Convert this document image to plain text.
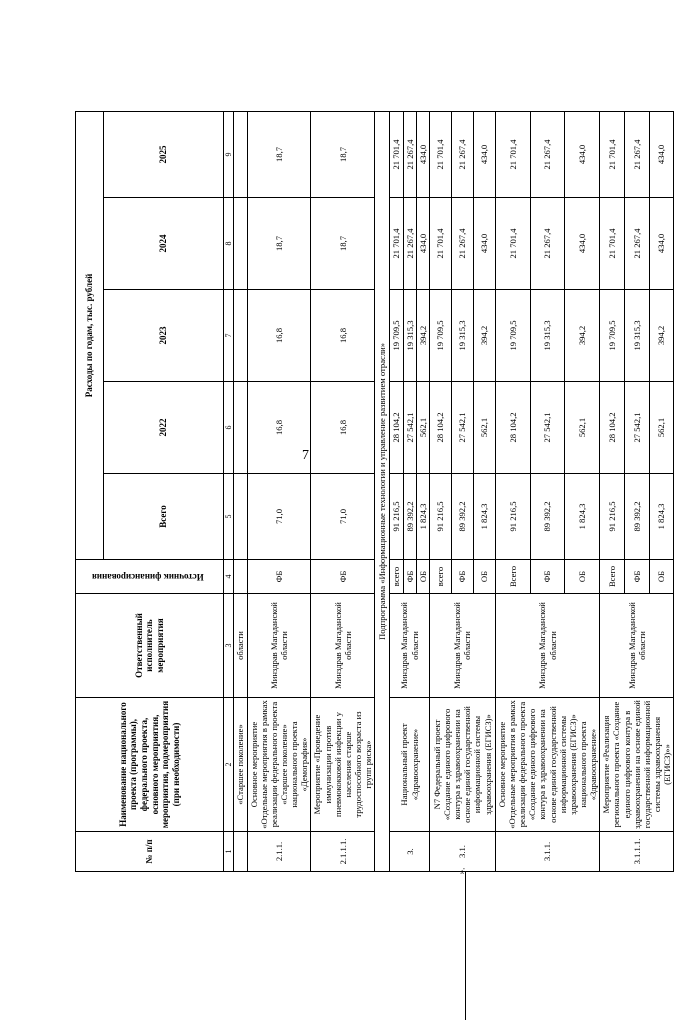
7
№ п/п	Наименование национального проекта (программы), федерального проекта, основного мероприятия, мероприятия, подмероприятия (при необходимости)	Ответственный исполнитель мероприятия	Источник финансирования	Расходы по годам, тыс. рублей				
				Всего	2022	2023	2024	2025
1	2	3	4	5	6	7	8	9
	«Старшее поколение»	области						
2.1.1.	Основное мероприятие «Отдельные мероприятия в рамках реализации федерального проекта «Старшее поколение» национального проекта «Демография»	Минздрав Магаданской области	ФБ	71,0	16,8	16,8	18,7	18,7
2.1.1.1.	Мероприятие «Проведение иммунизации против пневмококковой инфекции у населения старше трудоспособного возраста из групп риска»	Минздрав Магаданской области	ФБ	71,0	16,8	16,8	18,7	18,7
Подпрограмма «Информационные технологии и управление развитием отрасли»								
3.	Национальный проект «Здравоохранение»	Минздрав Магаданской области	всего	91 216,5	28 104,2	19 709,5	21 701,4	21 701,4
			ФБ	89 392,2	27 542,1	19 315,3	21 267,4	21 267,4
			ОБ	1 824,3	562,1	394,2	434,0	434,0
3.1.	N7 Федеральный проект «Создание единого цифрового контура в здравоохранении на основе единой государственной информационной системы здравоохранения (ЕГИСЗ)»	Минздрав Магаданской области	всего	91 216,5	28 104,2	19 709,5	21 701,4	21 701,4
			ФБ	89 392,2	27 542,1	19 315,3	21 267,4	21 267,4
			ОБ	1 824,3	562,1	394,2	434,0	434,0
3.1.1.	Основное мероприятие «Отдельные мероприятия в рамках реализации федерального проекта «Создание единого цифрового контура в здравоохранении на основе единой государственной информационной системы здравоохранения (ЕГИСЗ)» национального проекта «Здравоохранение»	Минздрав Магаданской области	Всего	91 216,5	28 104,2	19 709,5	21 701,4	21 701,4
			ФБ	89 392,2	27 542,1	19 315,3	21 267,4	21 267,4
			ОБ	1 824,3	562,1	394,2	434,0	434,0
3.1.1.1.	Мероприятие «Реализация регионального проекта «Создание единого цифрового контура в здравоохранении на основе единой государственной информационной системы здравоохранения (ЕГИСЗ)»»	Минздрав Магаданской области	Всего	91 216,5	28 104,2	19 709,5	21 701,4	21 701,4
			ФБ	89 392,2	27 542,1	19 315,3	21 267,4	21 267,4
			ОБ	1 824,3	562,1	394,2	434,0	434,0
».
